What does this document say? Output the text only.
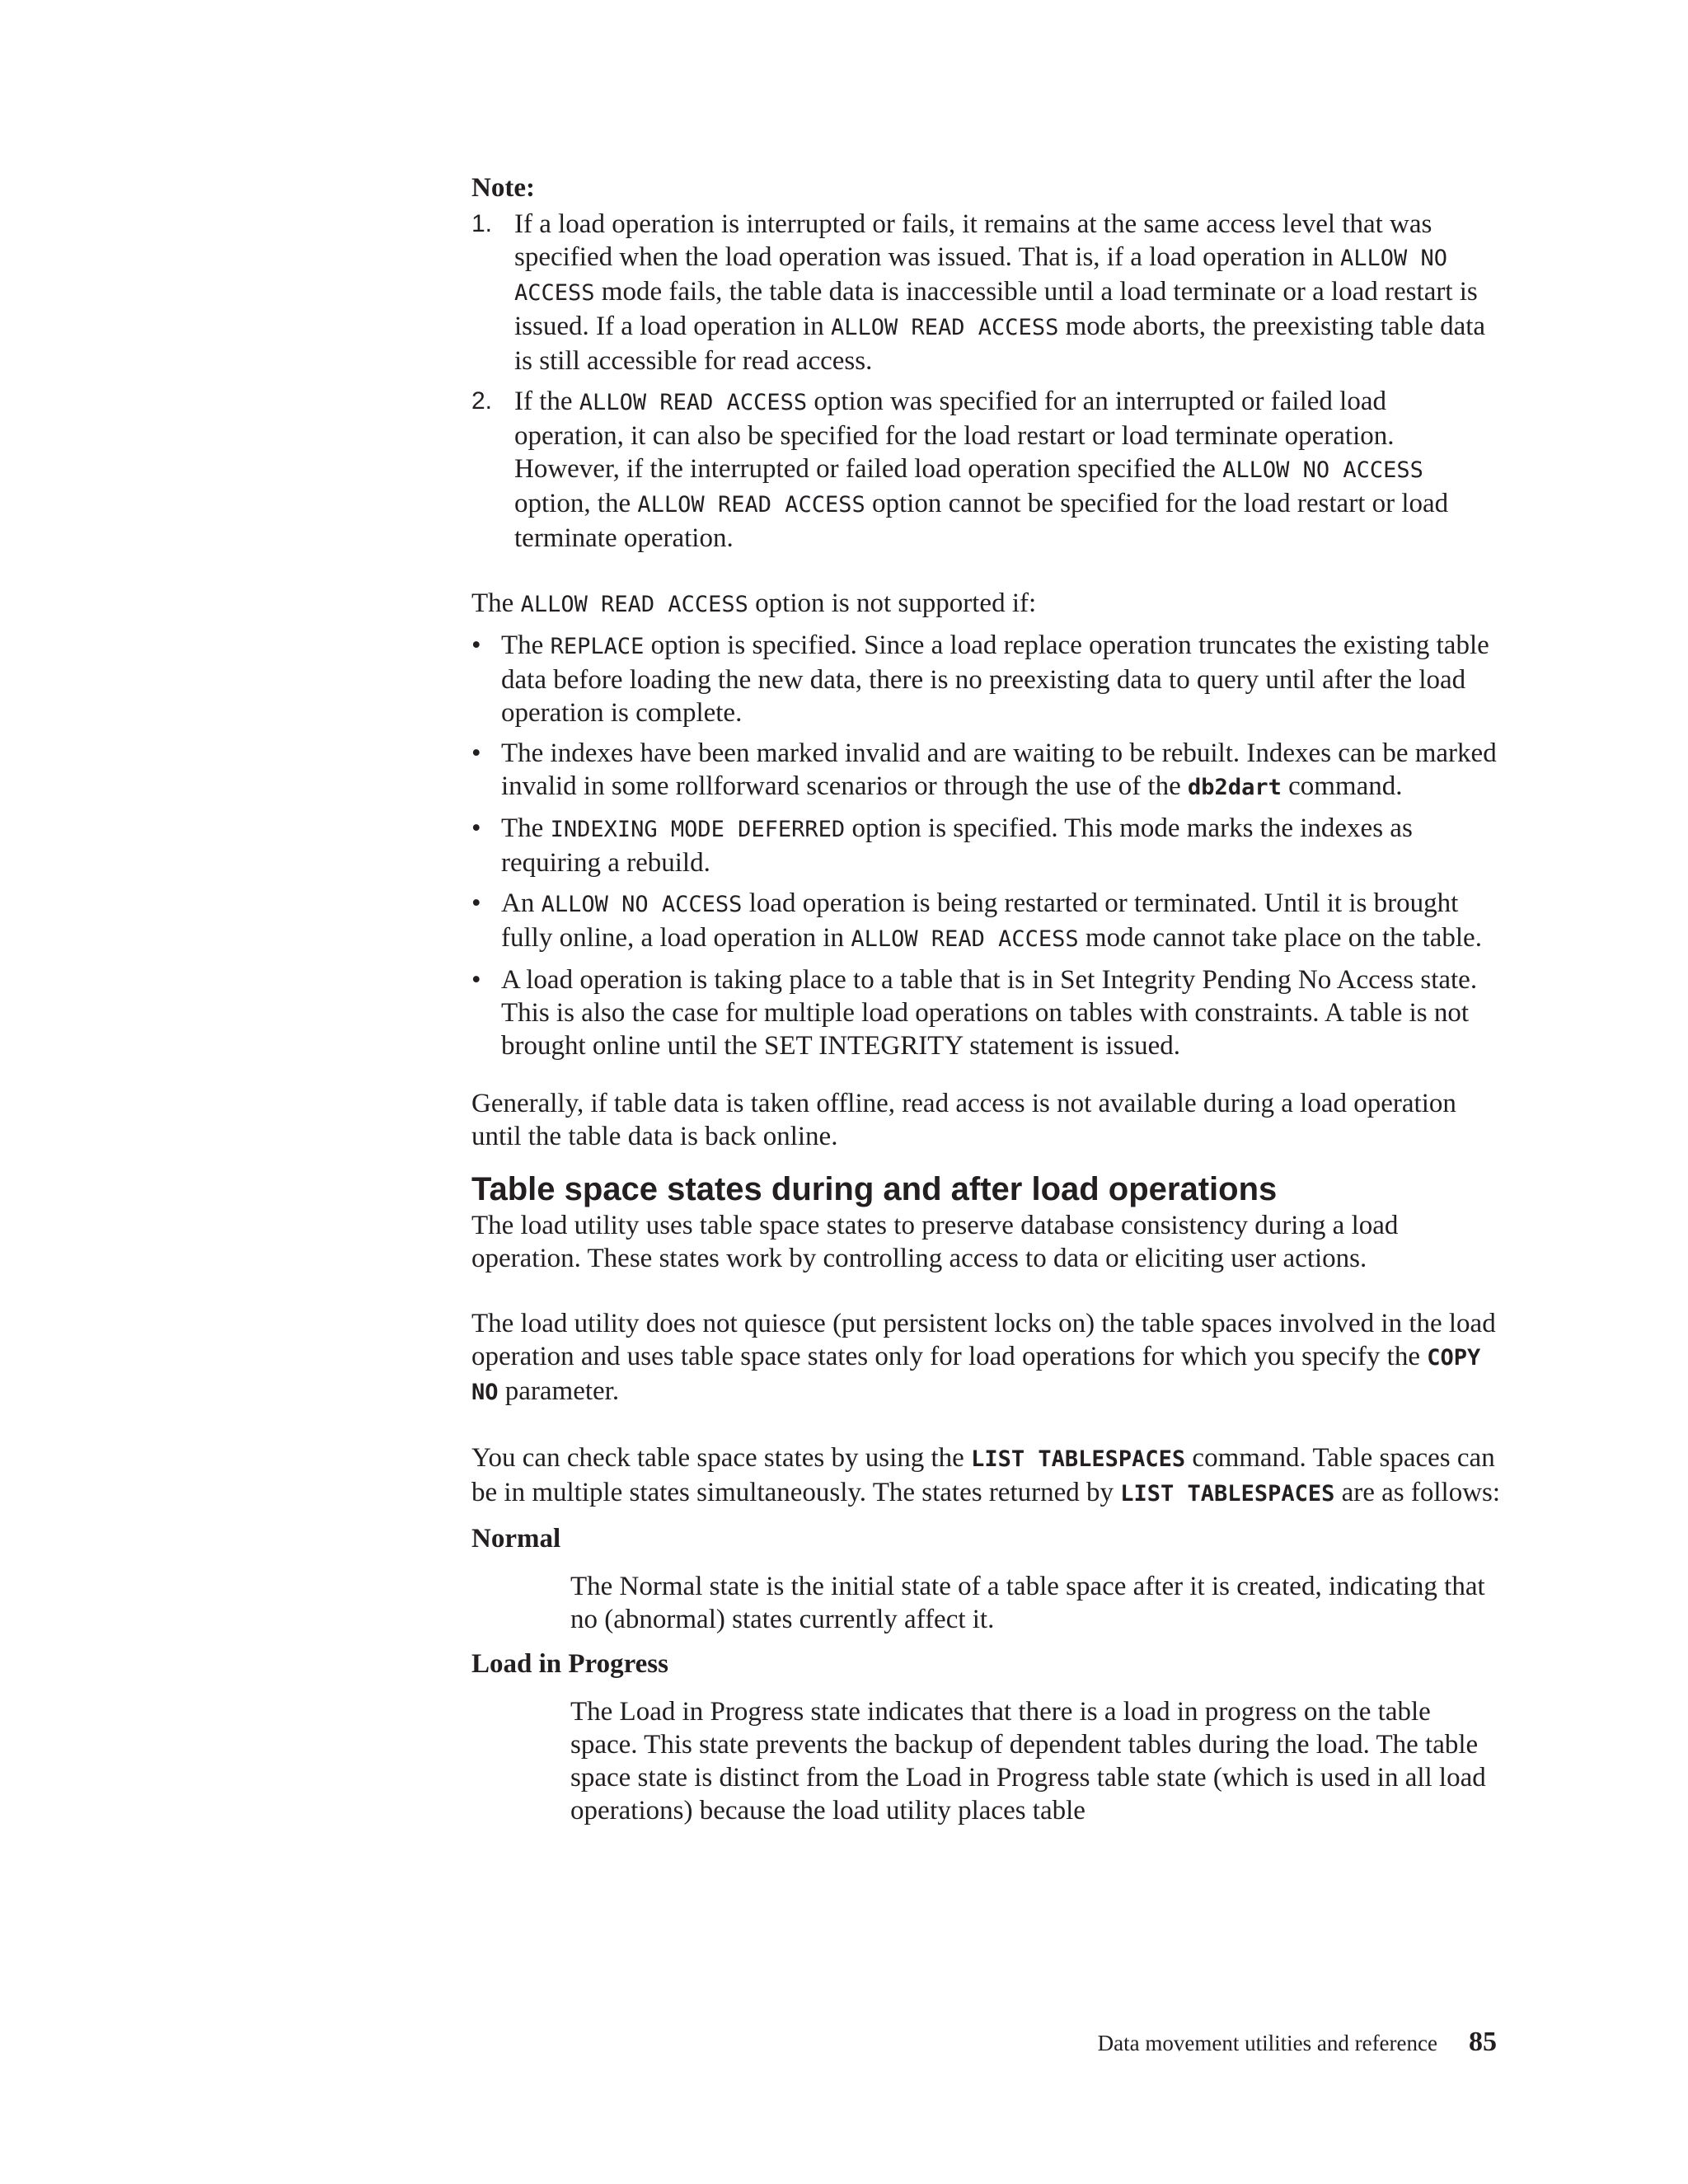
Note:

1. If a load operation is interrupted or fails, it remains at the same access level that was specified when the load operation was issued. That is, if a load operation in ALLOW NO ACCESS mode fails, the table data is inaccessible until a load terminate or a load restart is issued. If a load operation in ALLOW READ ACCESS mode aborts, the preexisting table data is still accessible for read access.
2. If the ALLOW READ ACCESS option was specified for an interrupted or failed load operation, it can also be specified for the load restart or load terminate operation. However, if the interrupted or failed load operation specified the ALLOW NO ACCESS option, the ALLOW READ ACCESS option cannot be specified for the load restart or load terminate operation.

The ALLOW READ ACCESS option is not supported if:

• The REPLACE option is specified. Since a load replace operation truncates the existing table data before loading the new data, there is no preexisting data to query until after the load operation is complete.
• The indexes have been marked invalid and are waiting to be rebuilt. Indexes can be marked invalid in some rollforward scenarios or through the use of the db2dart command.
• The INDEXING MODE DEFERRED option is specified. This mode marks the indexes as requiring a rebuild.
• An ALLOW NO ACCESS load operation is being restarted or terminated. Until it is brought fully online, a load operation in ALLOW READ ACCESS mode cannot take place on the table.
• A load operation is taking place to a table that is in Set Integrity Pending No Access state. This is also the case for multiple load operations on tables with constraints. A table is not brought online until the SET INTEGRITY statement is issued.

Generally, if table data is taken offline, read access is not available during a load operation until the table data is back online.

Table space states during and after load operations

The load utility uses table space states to preserve database consistency during a load operation. These states work by controlling access to data or eliciting user actions.

The load utility does not quiesce (put persistent locks on) the table spaces involved in the load operation and uses table space states only for load operations for which you specify the COPY NO parameter.

You can check table space states by using the LIST TABLESPACES command. Table spaces can be in multiple states simultaneously. The states returned by LIST TABLESPACES are as follows:

Normal
The Normal state is the initial state of a table space after it is created, indicating that no (abnormal) states currently affect it.
Load in Progress
The Load in Progress state indicates that there is a load in progress on the table space. This state prevents the backup of dependent tables during the load. The table space state is distinct from the Load in Progress table state (which is used in all load operations) because the load utility places table
Data movement utilities and reference 85
